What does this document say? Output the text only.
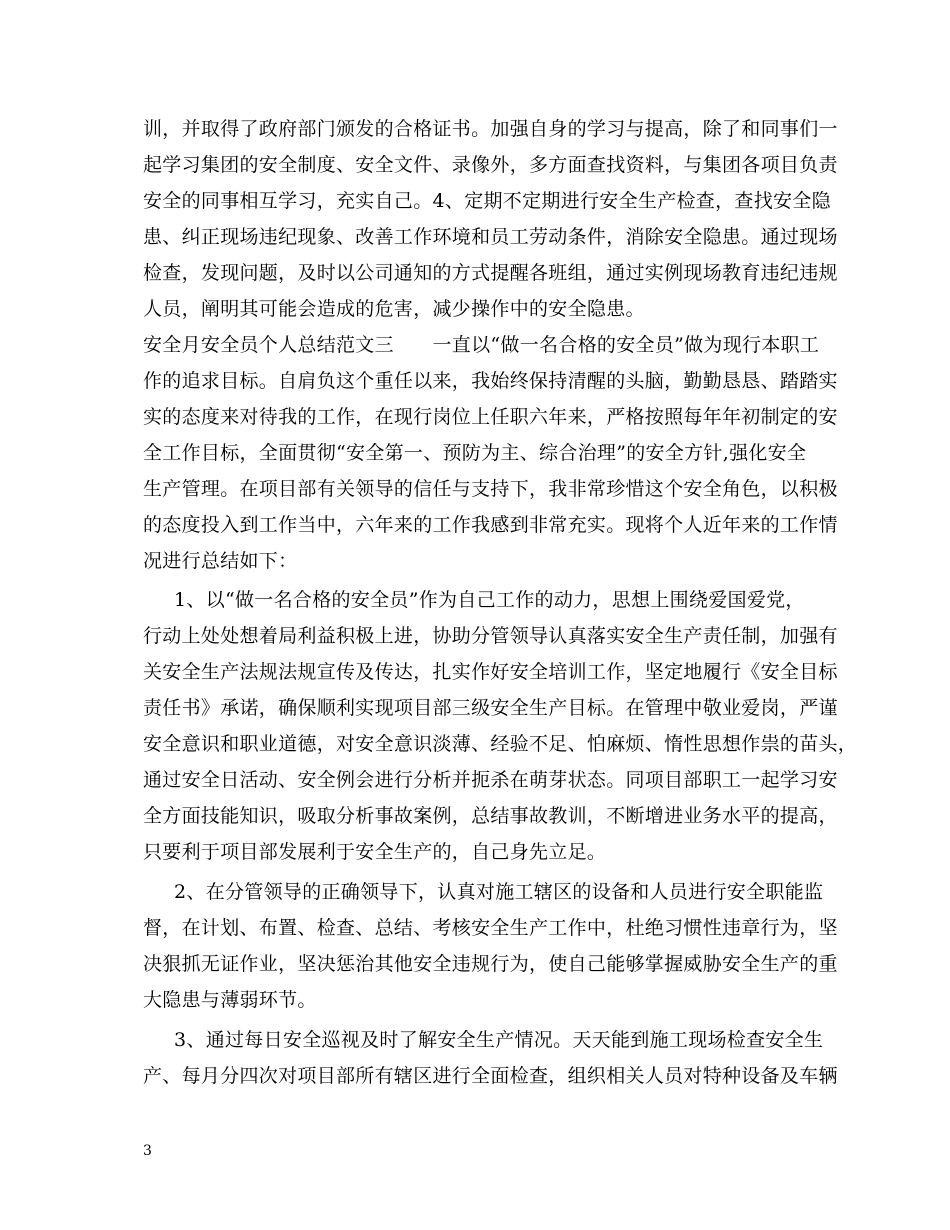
训，并取得了政府部门颁发的合格证书。加强自身的学习与提高，除了和同事们一
起学习集团的安全制度、安全文件、录像外，多方面查找资料，与集团各项目负责
安全的同事相互学习，充实自己。4、定期不定期进行安全生产检查，查找安全隐
患、纠正现场违纪现象、改善工作环境和员工劳动条件，消除安全隐患。通过现场
检查，发现问题，及时以公司通知的方式提醒各班组，通过实例现场教育违纪违规
人员，阐明其可能会造成的危害，减少操作中的安全隐患。
安全月安全员个人总结范文三　　一直以“做一名合格的安全员”做为现行本职工
作的追求目标。自肩负这个重任以来，我始终保持清醒的头脑，勤勤恳恳、踏踏实
实的态度来对待我的工作，在现行岗位上任职六年来，严格按照每年年初制定的安
全工作目标，全面贯彻“安全第一、预防为主、综合治理”的安全方针,强化安全
生产管理。在项目部有关领导的信任与支持下，我非常珍惜这个安全角色，以积极
的态度投入到工作当中，六年来的工作我感到非常充实。现将个人近年来的工作情
况进行总结如下：
1、以“做一名合格的安全员”作为自己工作的动力，思想上围绕爱国爱党，
行动上处处想着局利益积极上进，协助分管领导认真落实安全生产责任制，加强有
关安全生产法规法规宣传及传达，扎实作好安全培训工作，坚定地履行《安全目标
责任书》承诺，确保顺利实现项目部三级安全生产目标。在管理中敬业爱岗，严谨
安全意识和职业道德，对安全意识淡薄、经验不足、怕麻烦、惰性思想作祟的苗头，
通过安全日活动、安全例会进行分析并扼杀在萌芽状态。同项目部职工一起学习安
全方面技能知识，吸取分析事故案例，总结事故教训，不断增进业务水平的提高，
只要利于项目部发展利于安全生产的，自己身先立足。
2、在分管领导的正确领导下，认真对施工辖区的设备和人员进行安全职能监
督，在计划、布置、检查、总结、考核安全生产工作中，杜绝习惯性违章行为，坚
决狠抓无证作业，坚决惩治其他安全违规行为，使自己能够掌握威胁安全生产的重
大隐患与薄弱环节。
3、通过每日安全巡视及时了解安全生产情况。天天能到施工现场检查安全生
产、每月分四次对项目部所有辖区进行全面检查，组织相关人员对特种设备及车辆
3
